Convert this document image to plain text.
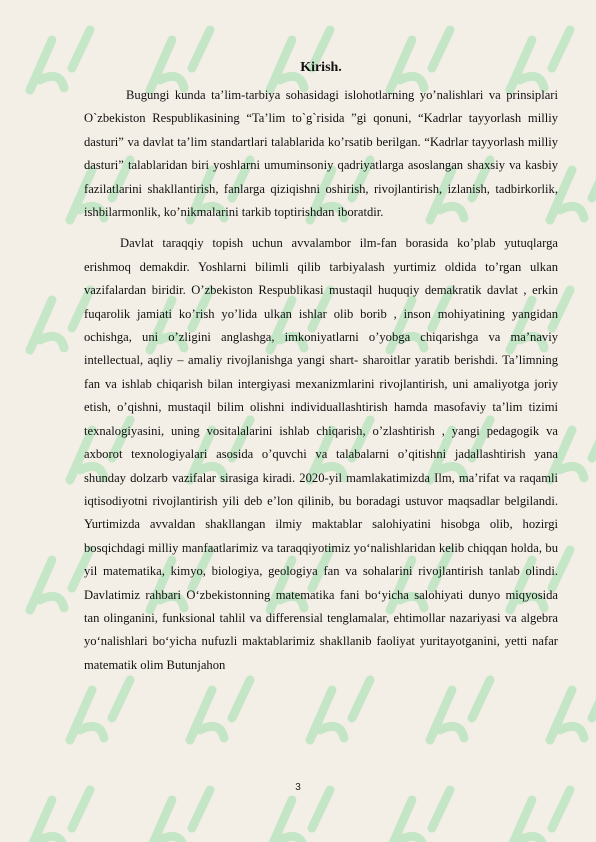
Kirish.

Bugungi kunda ta’lim-tarbiya sohasidagi islohotlarning yo’nalishlari va prinsiplari O`zbekiston Respublikasining “Ta’lim to`g`risida ”gi qonuni, “Kadrlar tayyorlash milliy dasturi” va davlat ta’lim standartlari talablarida ko’rsatib berilgan. “Kadrlar tayyorlash milliy dasturi” talablaridan biri yoshlarni umuminsoniy qadriyatlarga asoslangan shaxsiy va kasbiy fazilatlarini shakllantirish, fanlarga qiziqishni oshirish, rivojlantirish, izlanish, tadbirkorlik, ishbilarmonlik, ko’nikmalarini tarkib toptirishdan iboratdir.

Davlat taraqqiy topish uchun avvalambor ilm-fan borasida ko’plab yutuqlarga erishmoq demakdir. Yoshlarni bilimli qilib tarbiyalash yurtimiz oldida to’rgan ulkan vazifalardan biridir. O’zbekiston Respublikasi mustaqil huquqiy demakratik davlat , erkin fuqarolik jamiati ko’rish yo’lida ulkan ishlar olib borib , inson mohiyatining yangidan ochishga, uni o’zligini anglashga, imkoniyatlarni o’yobga chiqarishga va ma’naviy intellectual, aqliy – amaliy rivojlanishga yangi shart- sharoitlar yaratib berishdi. Ta’limning fan va ishlab chiqarish bilan intergiyasi mexanizmlarini rivojlantirish, uni amaliyotga joriy etish, o’qishni, mustaqil bilim olishni individuallashtirish hamda masofaviy ta’lim tizimi texnalogiyasini, uning vositalalarini ishlab chiqarish, o’zlashtirish , yangi pedagogik va axborot texnologiyalari asosida o’quvchi va talabalarni o’qitishni jadallashtirish yana shunday dolzarb vazifalar sirasiga kiradi. 2020-yil mamlakatimizda Ilm, ma’rifat va raqamli iqtisodiyotni rivojlantirish yili deb e’lon qilinib, bu boradagi ustuvor maqsadlar belgilandi. Yurtimizda avvaldan shakllangan ilmiy maktablar salohiyatini hisobga olib, hozirgi bosqichdagi milliy manfaatlarimiz va taraqqiyotimiz yo‘nalishlaridan kelib chiqqan holda, bu yil matematika, kimyo, biologiya, geologiya fan va sohalarini rivojlantirish tanlab olindi. Davlatimiz rahbari O‘zbekistonning matematika fani bo‘yicha salohiyati dunyo miqyosida tan olinganini, funksional tahlil va differensial tenglamalar, ehtimollar nazariyasi va algebra yo‘nalishlari bo‘yicha nufuzli maktablarimiz shakllanib faoliyat yuritayotganini, yetti nafar matematik olim Butunjahon

3
